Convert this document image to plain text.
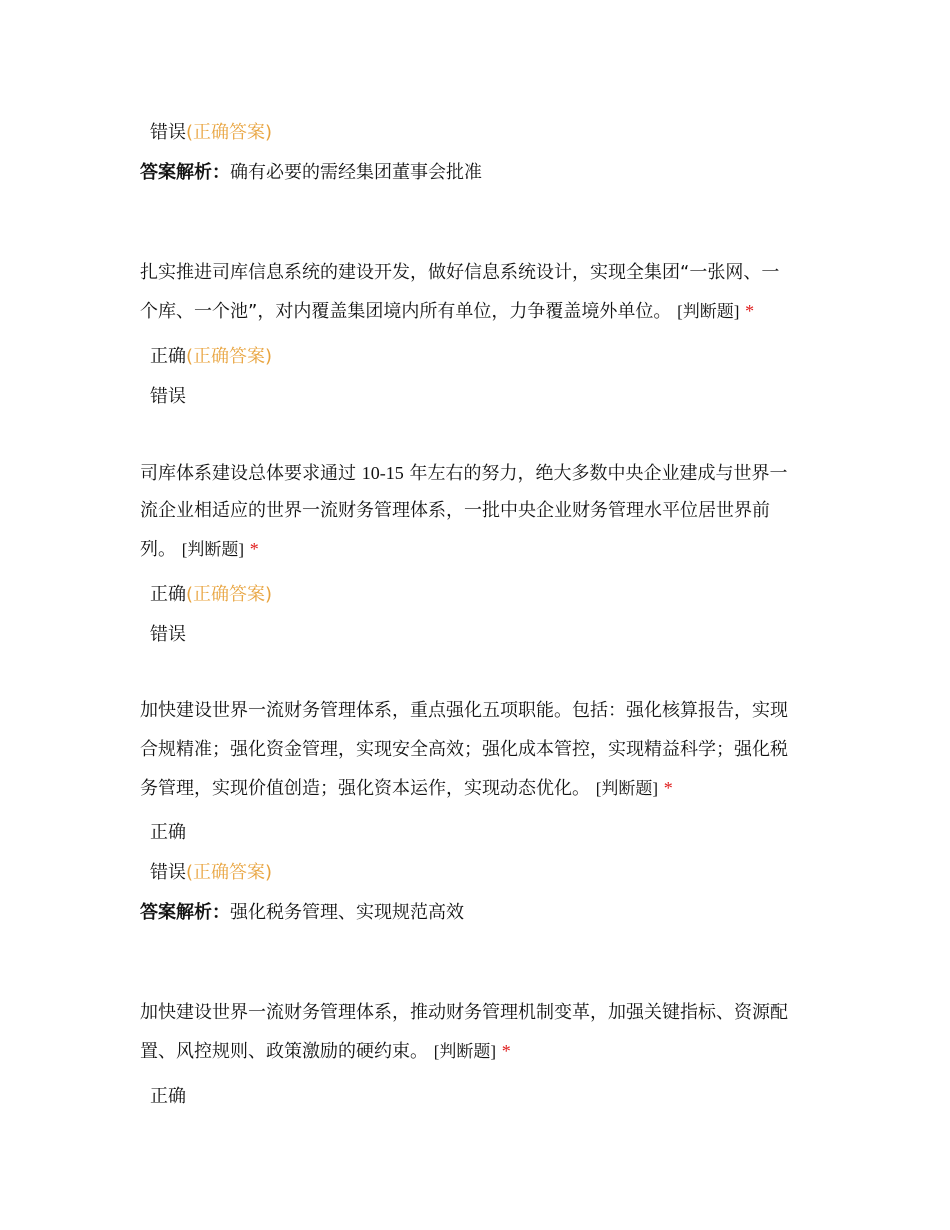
错误(正确答案)
答案解析：确有必要的需经集团董事会批准
扎实推进司库信息系统的建设开发，做好信息系统设计，实现全集团“一张网、一
个库、一个池”，对内覆盖集团境内所有单位，力争覆盖境外单位。 [判断题] *
正确(正确答案)
错误
司库体系建设总体要求通过 10-15 年左右的努力，绝大多数中央企业建成与世界一
流企业相适应的世界一流财务管理体系，一批中央企业财务管理水平位居世界前
列。 [判断题] *
正确(正确答案)
错误
加快建设世界一流财务管理体系，重点强化五项职能。包括：强化核算报告，实现
合规精准；强化资金管理，实现安全高效；强化成本管控，实现精益科学；强化税
务管理，实现价值创造；强化资本运作，实现动态优化。 [判断题] *
正确
错误(正确答案)
答案解析：强化税务管理、实现规范高效
加快建设世界一流财务管理体系，推动财务管理机制变革，加强关键指标、资源配
置、风控规则、政策激励的硬约束。 [判断题] *
正确
